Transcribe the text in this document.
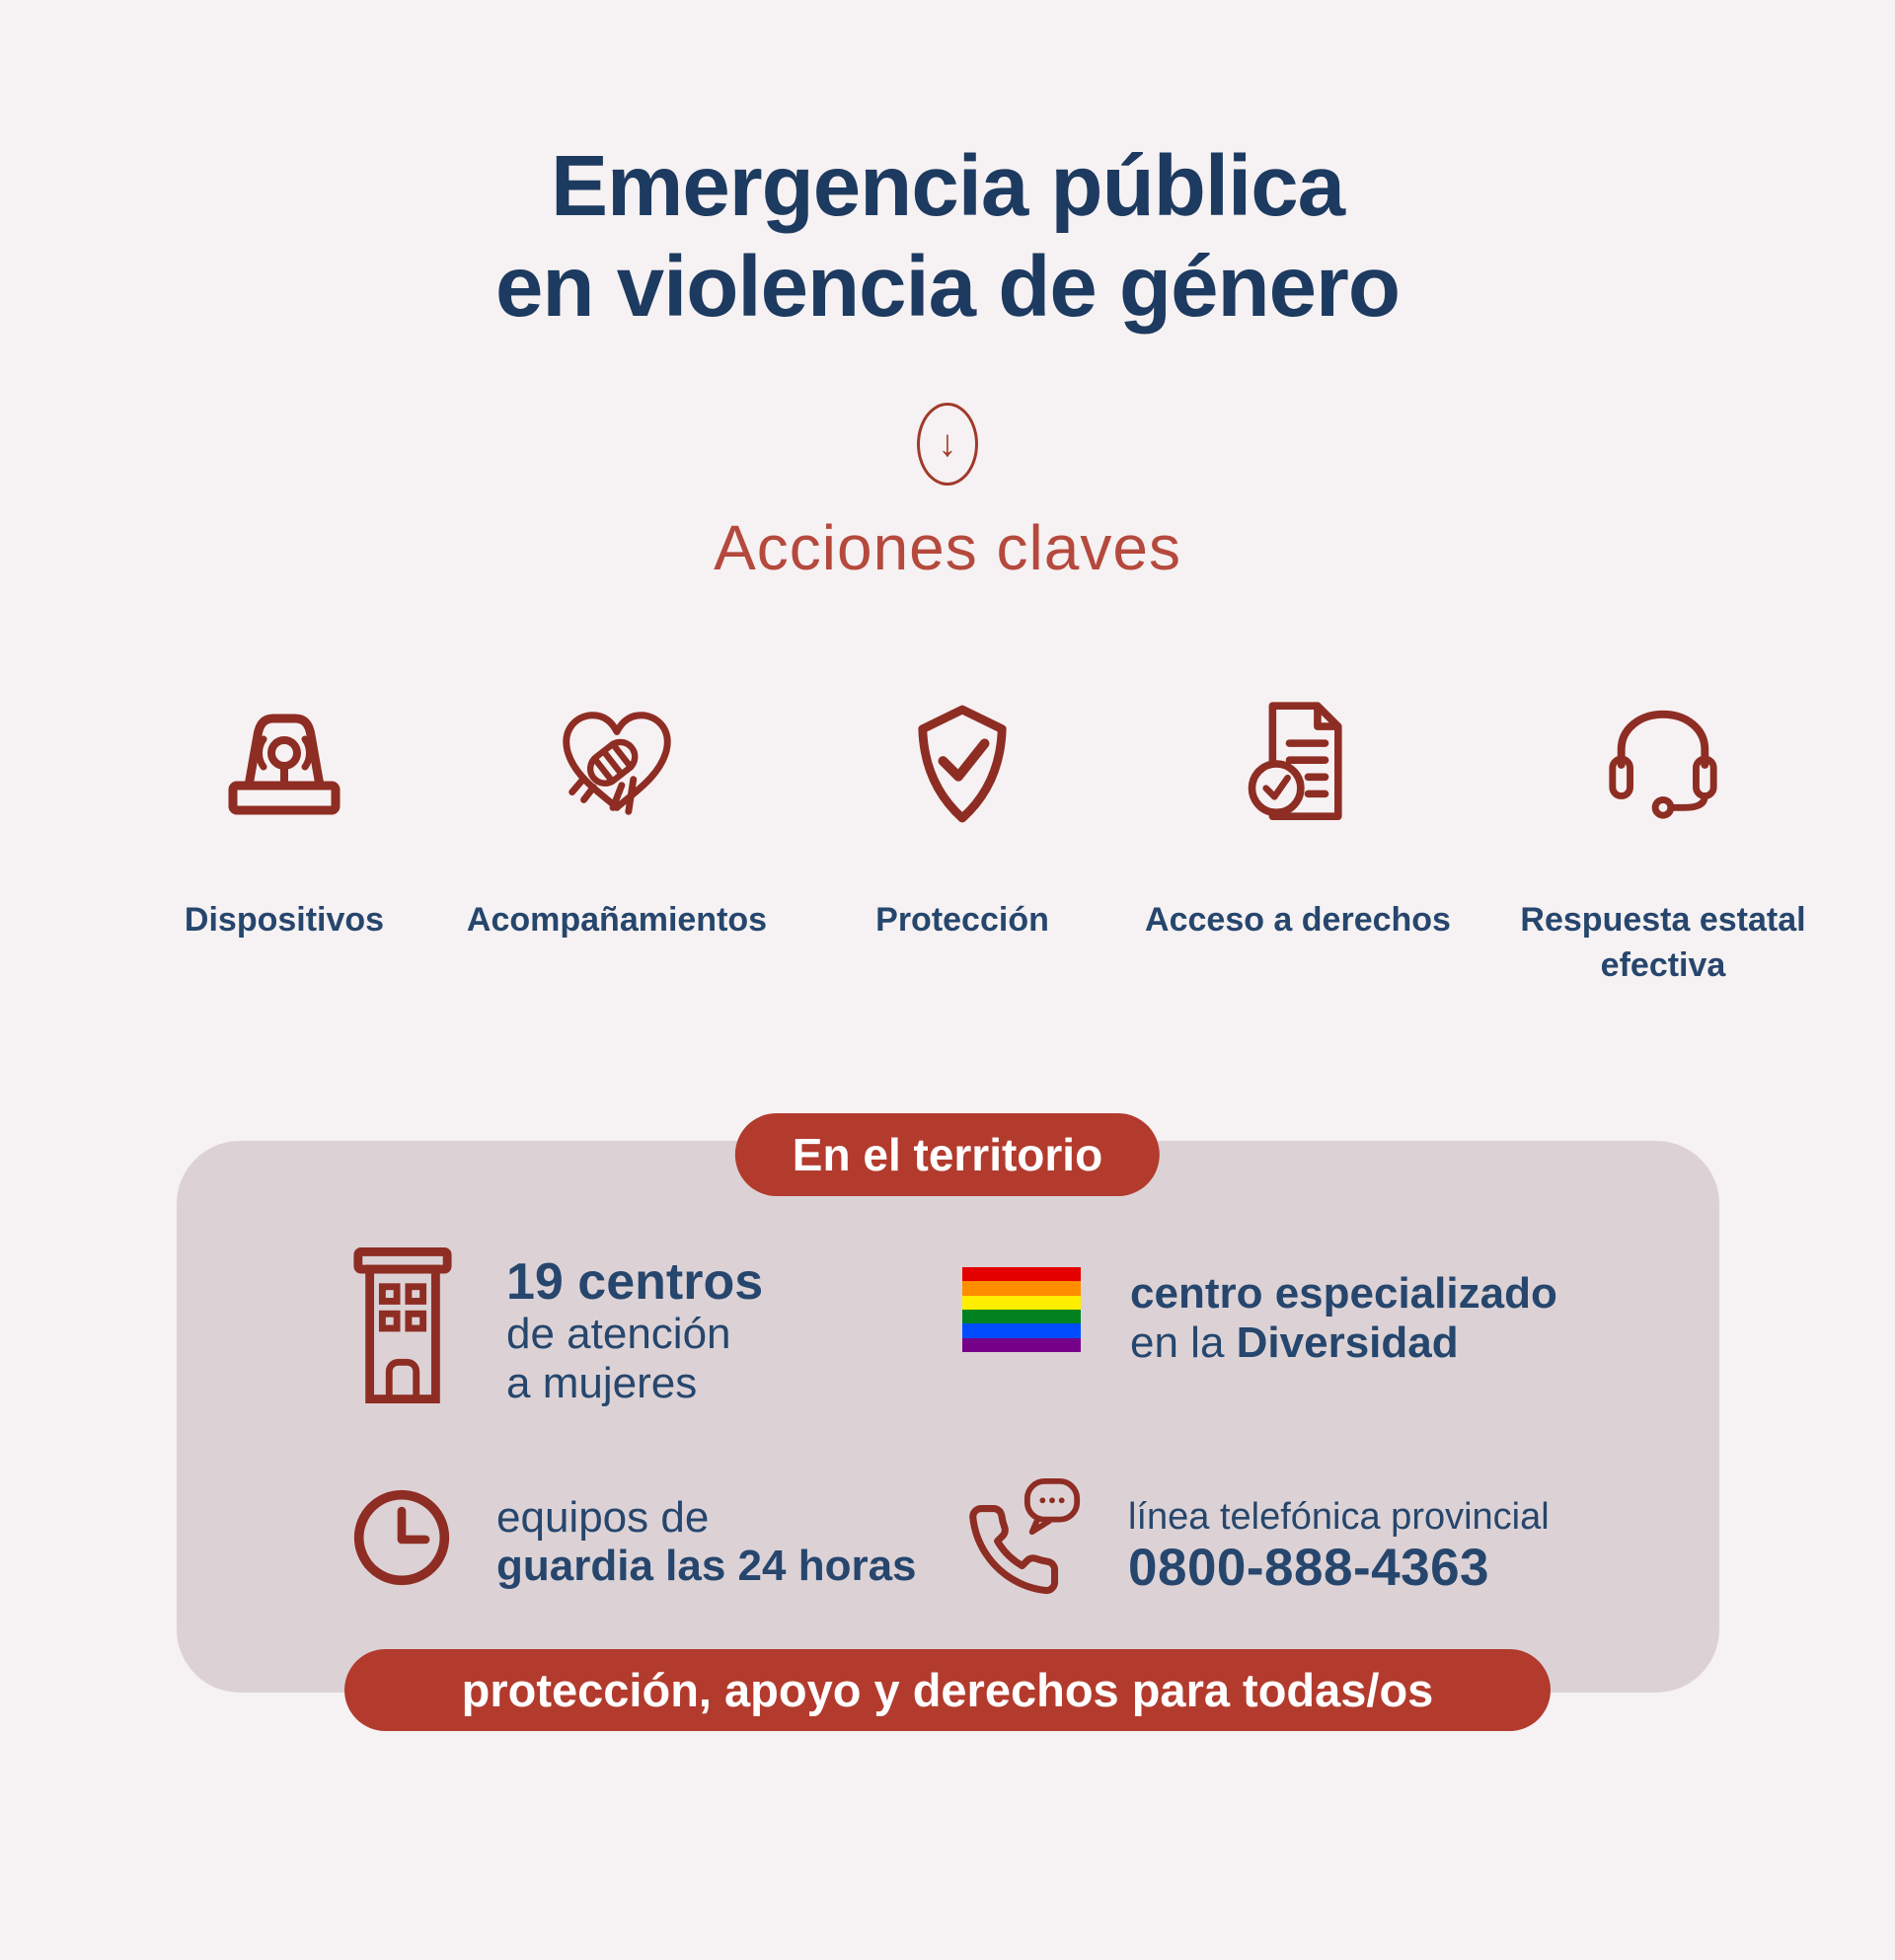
Emergencia pública
en violencia de género
↓
Acciones claves
Dispositivos Acompañamientos	Protección	Acceso a derechos	Respuesta estatal efectiva
En el territorio
19 centros
de atención
a mujeres
centro especializado
en la Diversidad
equipos de
guardia las 24 horas
línea telefónica provincial
0800-888-4363
protección, apoyo y derechos para todas/os
